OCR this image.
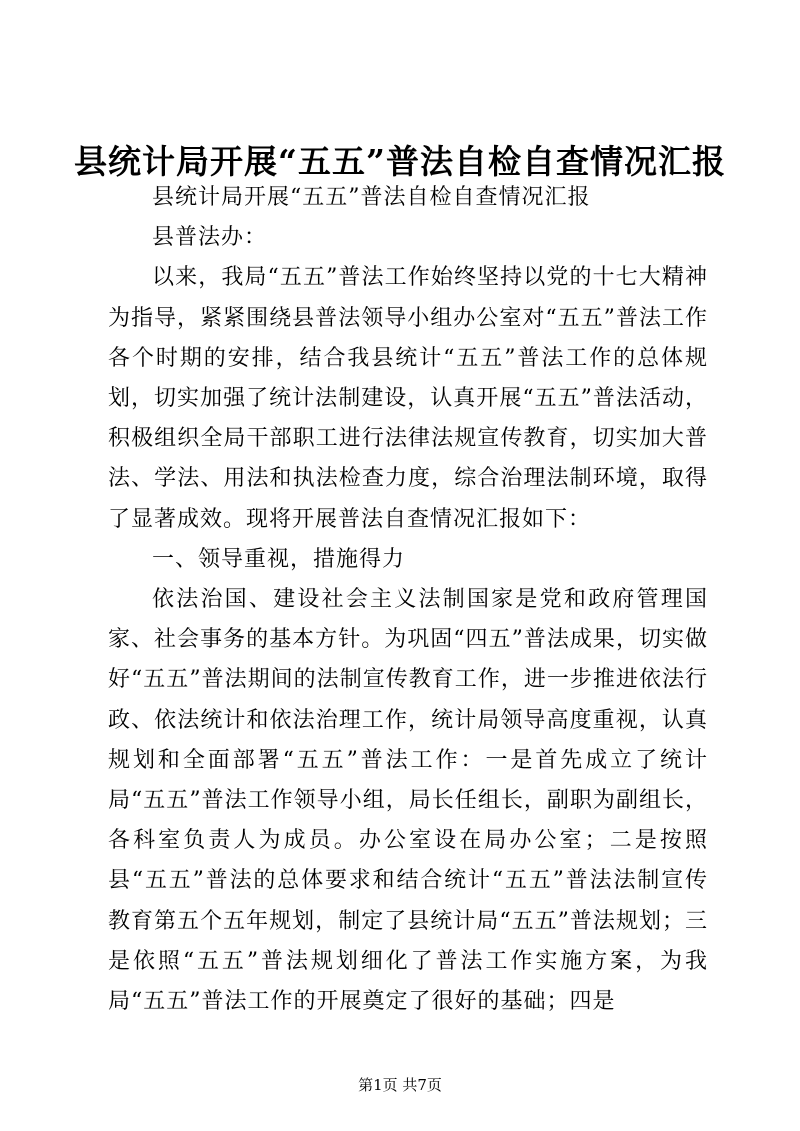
县统计局开展“五五”普法自检自查情况汇报

县统计局开展“五五”普法自检自查情况汇报

县普法办：

以来，我局“五五”普法工作始终坚持以党的十七大精神为指导，紧紧围绕县普法领导小组办公室对“五五”普法工作各个时期的安排，结合我县统计“五五”普法工作的总体规划，切实加强了统计法制建设，认真开展“五五”普法活动，积极组织全局干部职工进行法律法规宣传教育，切实加大普法、学法、用法和执法检查力度，综合治理法制环境，取得了显著成效。现将开展普法自查情况汇报如下：

一、领导重视，措施得力

依法治国、建设社会主义法制国家是党和政府管理国家、社会事务的基本方针。为巩固“四五”普法成果，切实做好“五五”普法期间的法制宣传教育工作，进一步推进依法行政、依法统计和依法治理工作，统计局领导高度重视，认真规划和全面部署“五五”普法工作：一是首先成立了统计局“五五”普法工作领导小组，局长任组长，副职为副组长，各科室负责人为成员。办公室设在局办公室；二是按照县“五五”普法的总体要求和结合统计“五五”普法法制宣传教育第五个五年规划，制定了县统计局“五五”普法规划；三是依照“五五”普法规划细化了普法工作实施方案，为我局“五五”普法工作的开展奠定了很好的基础；四是

第1页 共7页
